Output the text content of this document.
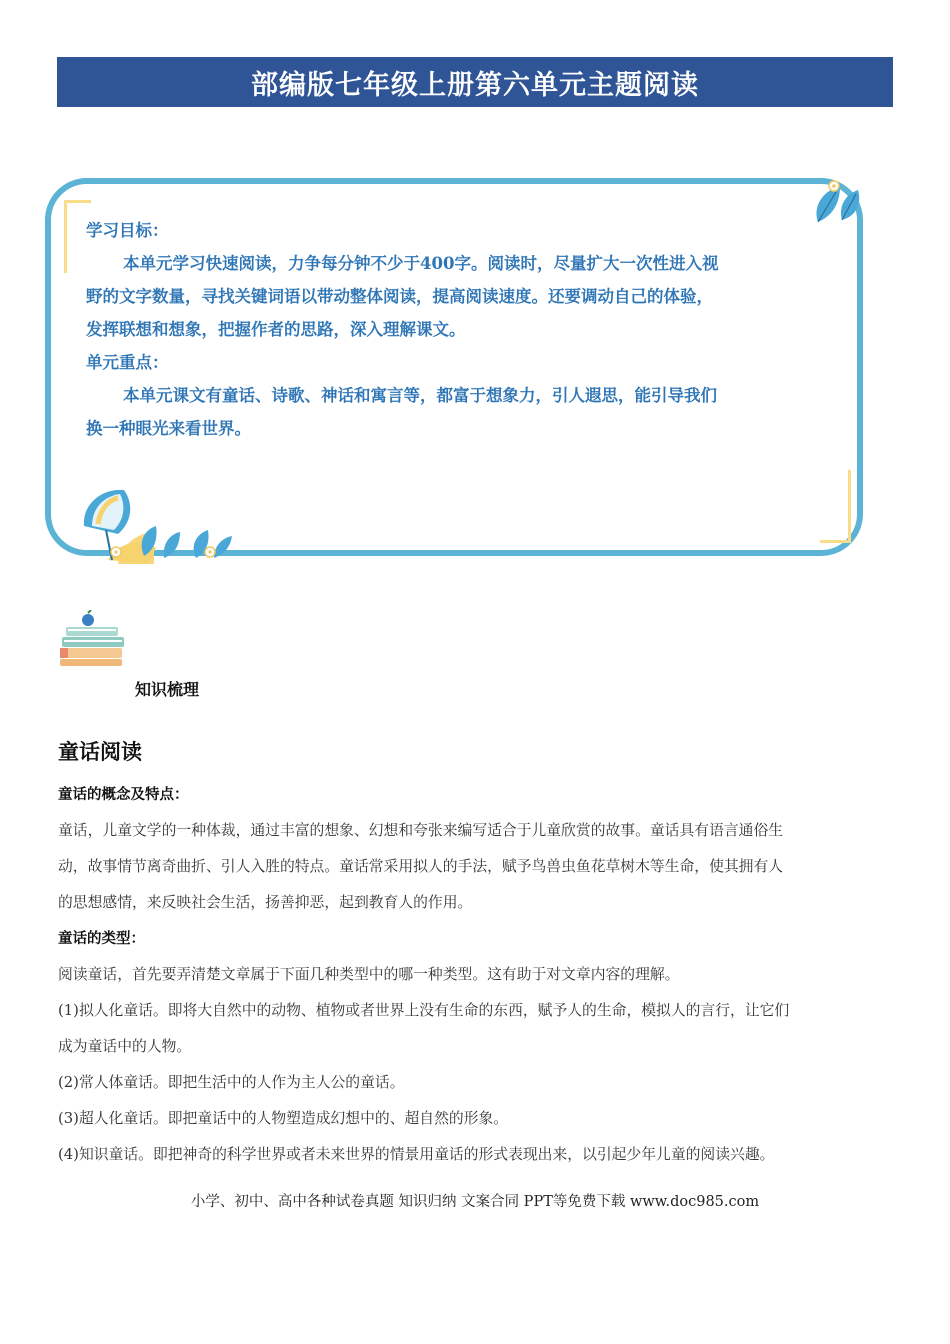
部编版七年级上册第六单元主题阅读

学习目标：

本单元学习快速阅读，力争每分钟不少于400字。阅读时，尽量扩大一次性进入视

野的文字数量，寻找关键词语以带动整体阅读，提高阅读速度。还要调动自己的体验，

发挥联想和想象，把握作者的思路，深入理解课文。

单元重点：

本单元课文有童话、诗歌、神话和寓言等，都富于想象力，引人遐思，能引导我们

换一种眼光来看世界。

知识梳理
童话阅读

童话的概念及特点：

童话，儿童文学的一种体裁，通过丰富的想象、幻想和夸张来编写适合于儿童欣赏的故事。童话具有语言通俗生

动，故事情节离奇曲折、引人入胜的特点。童话常采用拟人的手法，赋予鸟兽虫鱼花草树木等生命，使其拥有人

的思想感情，来反映社会生活，扬善抑恶，起到教育人的作用。

童话的类型：

阅读童话，首先要弄清楚文章属于下面几种类型中的哪一种类型。这有助于对文章内容的理解。

(1)拟人化童话。即将大自然中的动物、植物或者世界上没有生命的东西，赋予人的生命，模拟人的言行，让它们

成为童话中的人物。

(2)常人体童话。即把生活中的人作为主人公的童话。

(3)超人化童话。即把童话中的人物塑造成幻想中的、超自然的形象。

(4)知识童话。即把神奇的科学世界或者未来世界的情景用童话的形式表现出来，以引起少年儿童的阅读兴趣。

小学、初中、高中各种试卷真题 知识归纳 文案合同 PPT等免费下载 www.doc985.com
